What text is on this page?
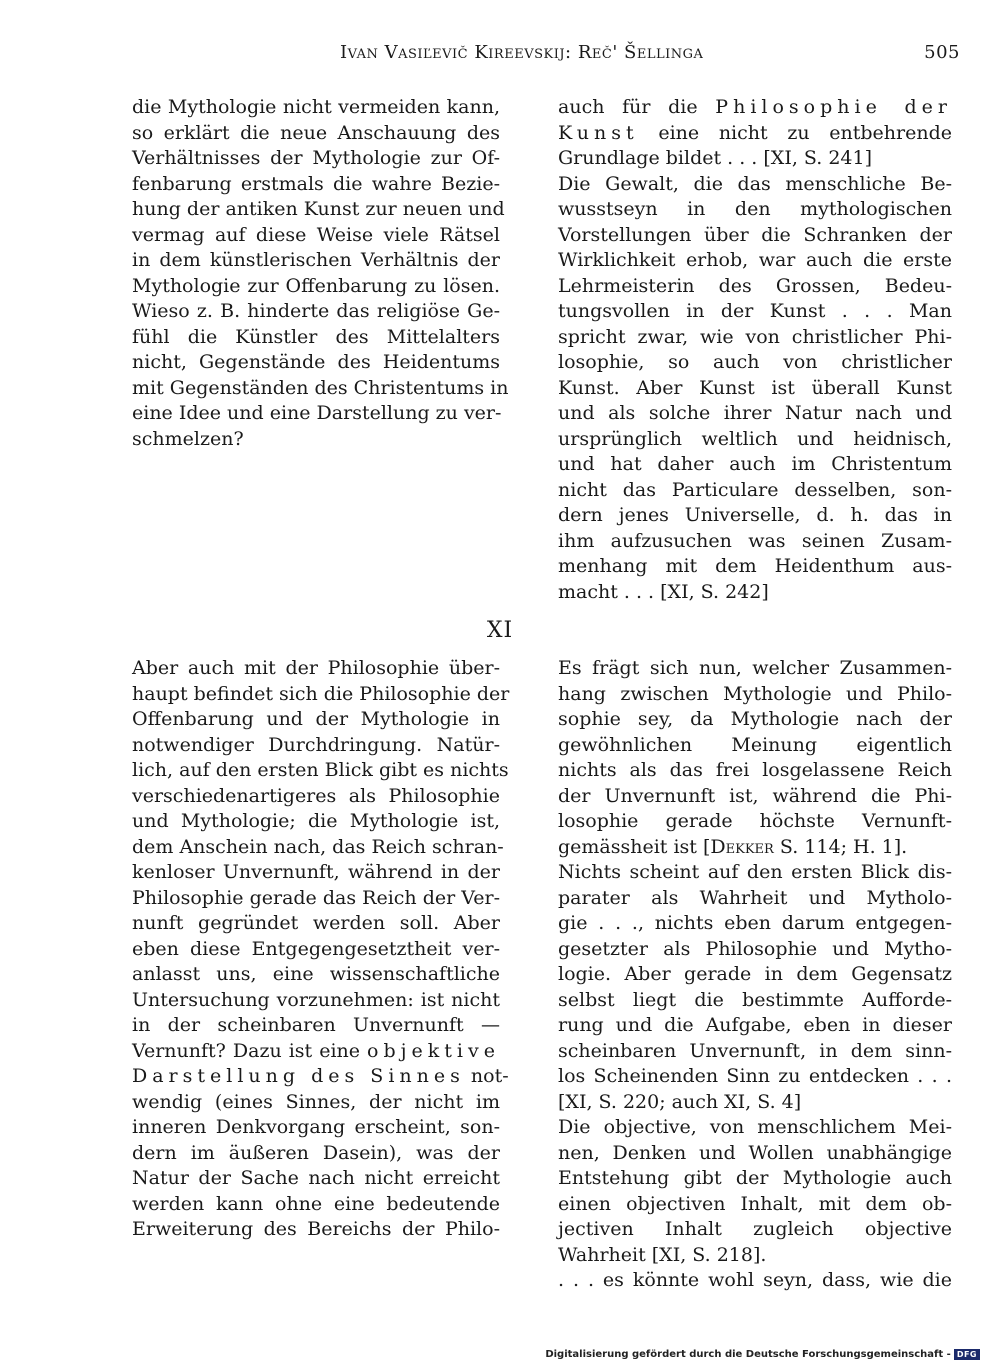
Ivan Vasiľevič Kireevskij: Reč' Šellinga	505
die Mythologie nicht vermeiden kann,
so erklärt die neue Anschauung des
Verhältnisses der Mythologie zur Of-
fenbarung erstmals die wahre Bezie-
hung der antiken Kunst zur neuen und
vermag auf diese Weise viele Rätsel
in dem künstlerischen Verhältnis der
Mythologie zur Offenbarung zu lösen.
Wieso z. B. hinderte das religiöse Ge-
fühl die Künstler des Mittelalters
nicht, Gegenstände des Heidentums
mit Gegenständen des Christentums in
eine Idee und eine Darstellung zu ver-
schmelzen?
auch für die Philosophie der
Kunst eine nicht zu entbehrende
Grundlage bildet . . . [XI, S. 241]
Die Gewalt, die das menschliche Be-
wusstseyn in den mythologischen
Vorstellungen über die Schranken der
Wirklichkeit erhob, war auch die erste
Lehrmeisterin des Grossen, Bedeu-
tungsvollen in der Kunst . . . Man
spricht zwar, wie von christlicher Phi-
losophie, so auch von christlicher
Kunst. Aber Kunst ist überall Kunst
und als solche ihrer Natur nach und
ursprünglich weltlich und heidnisch,
und hat daher auch im Christentum
nicht das Particulare desselben, son-
dern jenes Universelle, d. h. das in
ihm aufzusuchen was seinen Zusam-
menhang mit dem Heidenthum aus-
macht . . . [XI, S. 242]
XI
Aber auch mit der Philosophie über-
haupt befindet sich die Philosophie der
Offenbarung und der Mythologie in
notwendiger Durchdringung. Natür-
lich, auf den ersten Blick gibt es nichts
verschiedenartigeres als Philosophie
und Mythologie; die Mythologie ist,
dem Anschein nach, das Reich schran-
kenloser Unvernunft, während in der
Philosophie gerade das Reich der Ver-
nunft gegründet werden soll. Aber
eben diese Entgegengesetztheit ver-
anlasst uns, eine wissenschaftliche
Untersuchung vorzunehmen: ist nicht
in der scheinbaren Unvernunft —
Vernunft? Dazu ist eine objektive
Darstellung des Sinnes not-
wendig (eines Sinnes, der nicht im
inneren Denkvorgang erscheint, son-
dern im äußeren Dasein), was der
Natur der Sache nach nicht erreicht
werden kann ohne eine bedeutende
Erweiterung des Bereichs der Philo-
Es frägt sich nun, welcher Zusammen-
hang zwischen Mythologie und Philo-
sophie sey, da Mythologie nach der
gewöhnlichen Meinung eigentlich
nichts als das frei losgelassene Reich
der Unvernunft ist, während die Phi-
losophie gerade höchste Vernunft-
gemässheit ist [Dekker S. 114; H. 1].
Nichts scheint auf den ersten Blick dis-
parater als Wahrheit und Mytholo-
gie . . ., nichts eben darum entgegen-
gesetzter als Philosophie und Mytho-
logie. Aber gerade in dem Gegensatz
selbst liegt die bestimmte Aufforde-
rung und die Aufgabe, eben in dieser
scheinbaren Unvernunft, in dem sinn-
los Scheinenden Sinn zu entdecken . . .
[XI, S. 220; auch XI, S. 4]
Die objective, von menschlichem Mei-
nen, Denken und Wollen unabhängige
Entstehung gibt der Mythologie auch
einen objectiven Inhalt, mit dem ob-
jectiven Inhalt zugleich objective
Wahrheit [XI, S. 218].
. . . es könnte wohl seyn, dass, wie die
Digitalisierung gefördert durch die Deutsche Forschungsgemeinschaft - DFG
